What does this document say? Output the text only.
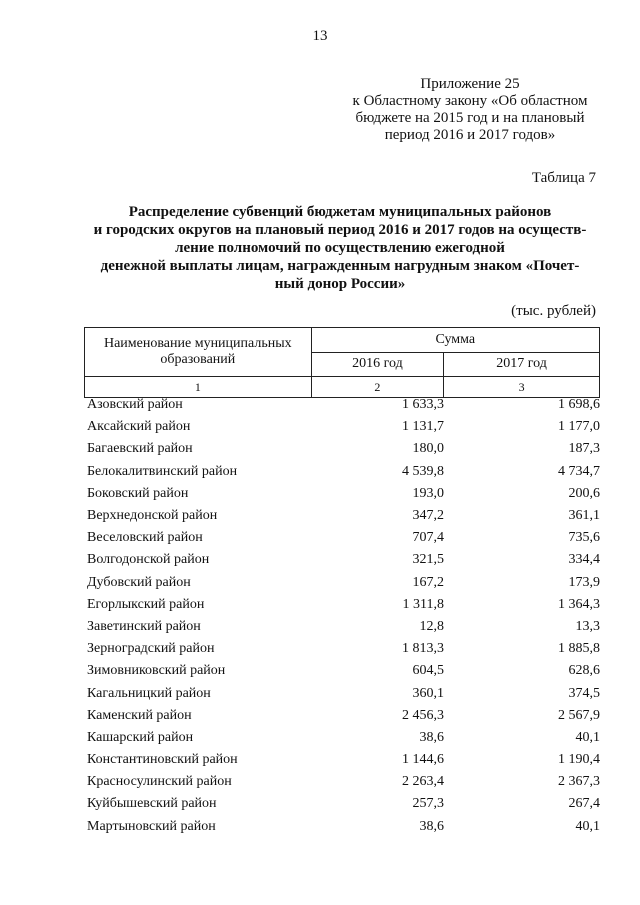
13
Приложение 25
к Областному закону «Об областном
бюджете на 2015 год и на плановый
период 2016 и 2017 годов»
Таблица 7
Распределение субвенций бюджетам муниципальных районов
и городских округов на плановый период 2016 и 2017 годов на осуществ-
ление полномочий по осуществлению ежегодной
денежной выплаты лицам, награжденным нагрудным знаком «Почет-
ный донор России»
(тыс. рублей)
Наименование муниципальных образований	Сумма	
	2016 год	2017 год
1	2	3
Азовский район	1 633,3	1 698,6
Аксайский район	1 131,7	1 177,0
Багаевский район	180,0	187,3
Белокалитвинский район	4 539,8	4 734,7
Боковский район	193,0	200,6
Верхнедонской район	347,2	361,1
Веселовский район	707,4	735,6
Волгодонской район	321,5	334,4
Дубовский район	167,2	173,9
Егорлыкский район	1 311,8	1 364,3
Заветинский район	12,8	13,3
Зерноградский район	1 813,3	1 885,8
Зимовниковский район	604,5	628,6
Кагальницкий район	360,1	374,5
Каменский район	2 456,3	2 567,9
Кашарский район	38,6	40,1
Константиновский район	1 144,6	1 190,4
Красносулинский район	2 263,4	2 367,3
Куйбышевский район	257,3	267,4
Мартыновский район	38,6	40,1
